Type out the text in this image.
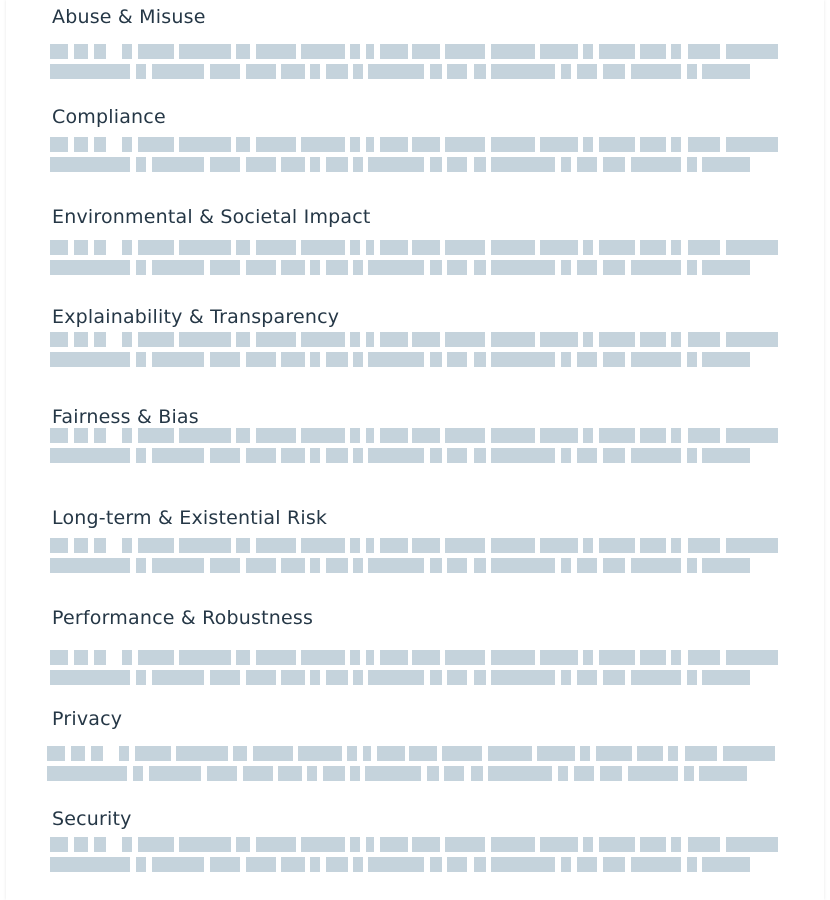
Abuse & Misuse
Compliance
Environmental & Societal Impact
Explainability & Transparency
Fairness & Bias
Long-term & Existential Risk
Performance & Robustness
Privacy
Security
